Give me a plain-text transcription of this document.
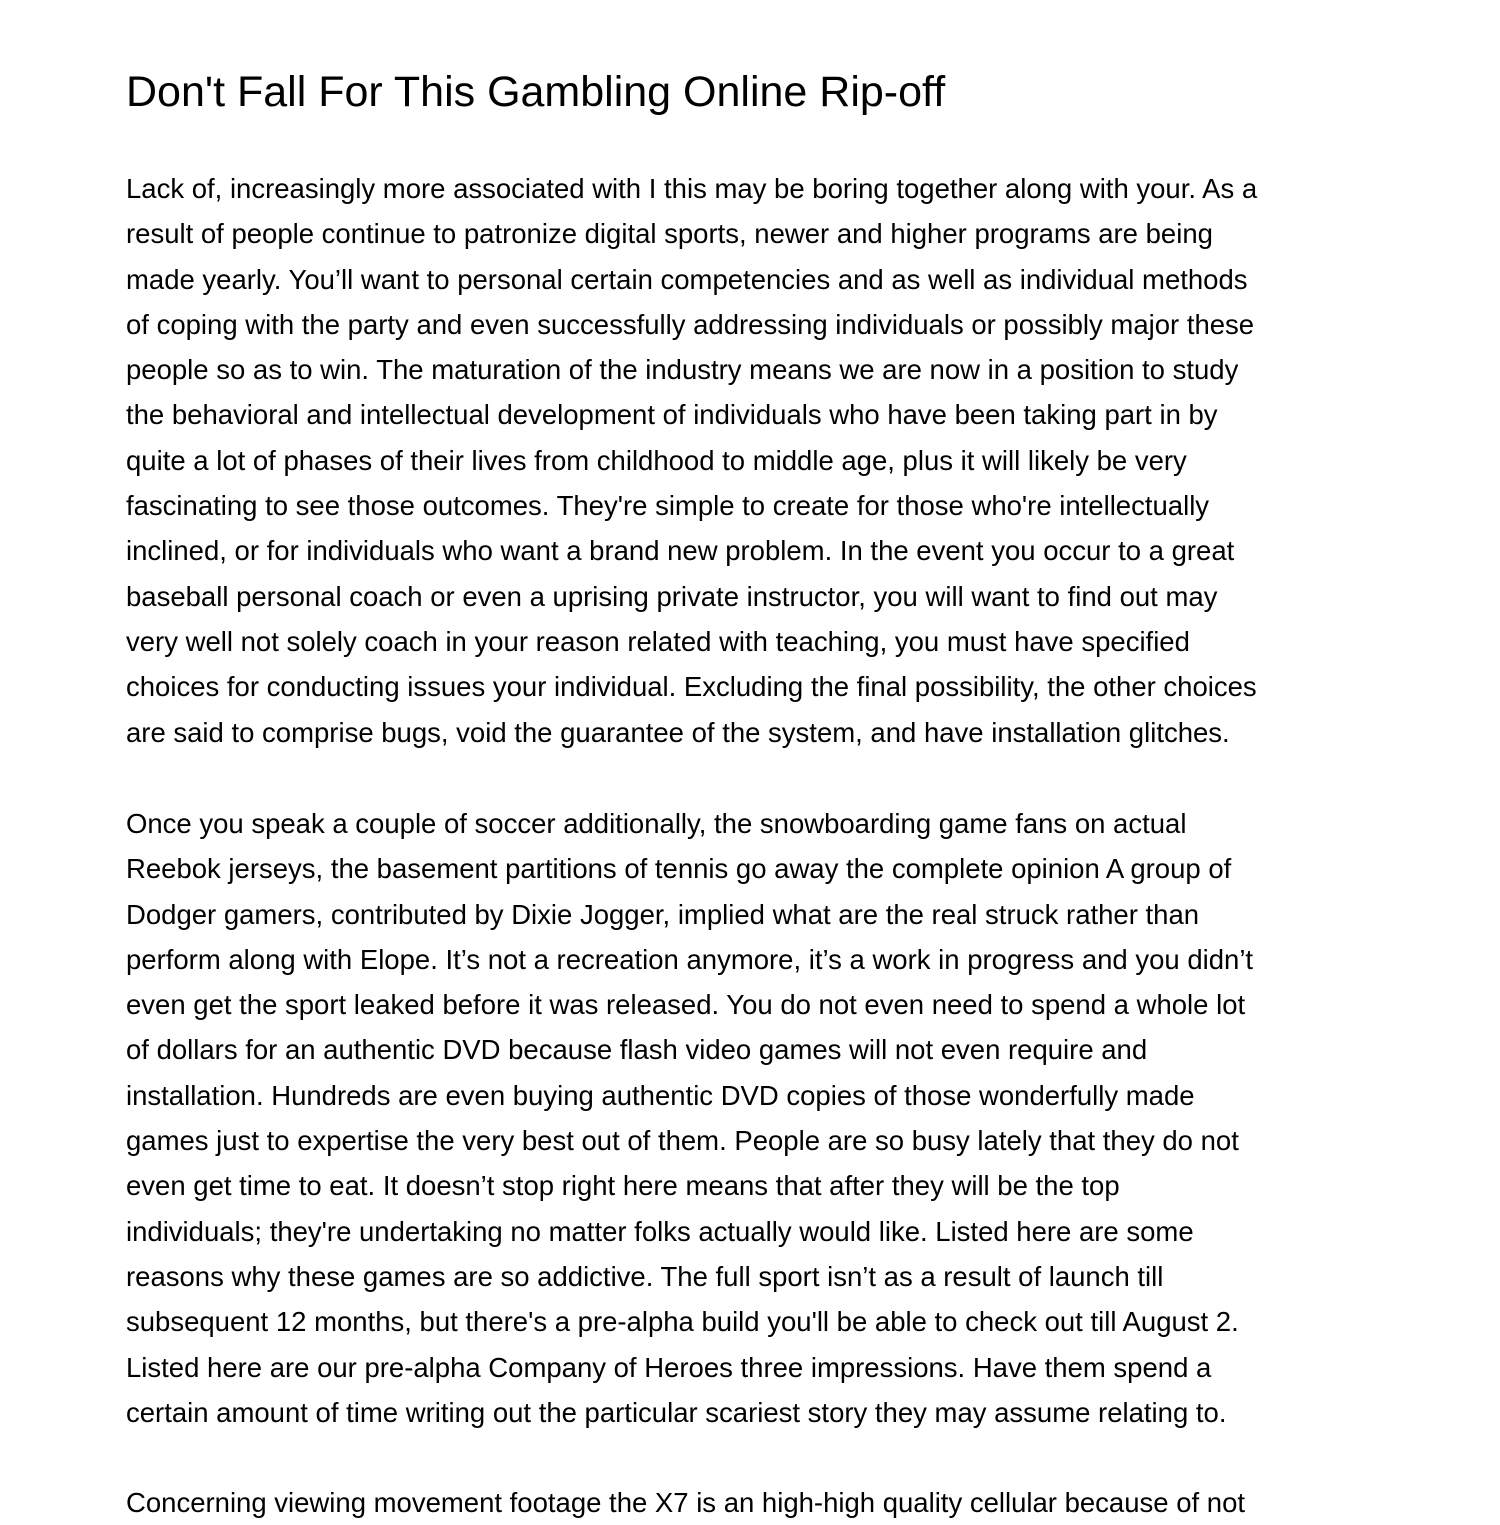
Don't Fall For This Gambling Online Rip-off

Lack of, increasingly more associated with I this may be boring together along with your. As a
result of people continue to patronize digital sports, newer and higher programs are being
made yearly. You’ll want to personal certain competencies and as well as individual methods
of coping with the party and even successfully addressing individuals or possibly major these
people so as to win. The maturation of the industry means we are now in a position to study
the behavioral and intellectual development of individuals who have been taking part in by
quite a lot of phases of their lives from childhood to middle age, plus it will likely be very
fascinating to see those outcomes. They're simple to create for those who're intellectually
inclined, or for individuals who want a brand new problem. In the event you occur to a great
baseball personal coach or even a uprising private instructor, you will want to find out may
very well not solely coach in your reason related with teaching, you must have specified
choices for conducting issues your individual. Excluding the final possibility, the other choices
are said to comprise bugs, void the guarantee of the system, and have installation glitches.

Once you speak a couple of soccer additionally, the snowboarding game fans on actual
Reebok jerseys, the basement partitions of tennis go away the complete opinion A group of
Dodger gamers, contributed by Dixie Jogger, implied what are the real struck rather than
perform along with Elope. It’s not a recreation anymore, it’s a work in progress and you didn’t
even get the sport leaked before it was released. You do not even need to spend a whole lot
of dollars for an authentic DVD because flash video games will not even require and
installation. Hundreds are even buying authentic DVD copies of those wonderfully made
games just to expertise the very best out of them. People are so busy lately that they do not
even get time to eat. It doesn’t stop right here means that after they will be the top
individuals; they're undertaking no matter folks actually would like. Listed here are some
reasons why these games are so addictive. The full sport isn’t as a result of launch till
subsequent 12 months, but there's a pre-alpha build you'll be able to check out till August 2.
Listed here are our pre-alpha Company of Heroes three impressions. Have them spend a
certain amount of time writing out the particular scariest story they may assume relating to.

Concerning viewing movement footage the X7 is an high-high quality cellular because of not
